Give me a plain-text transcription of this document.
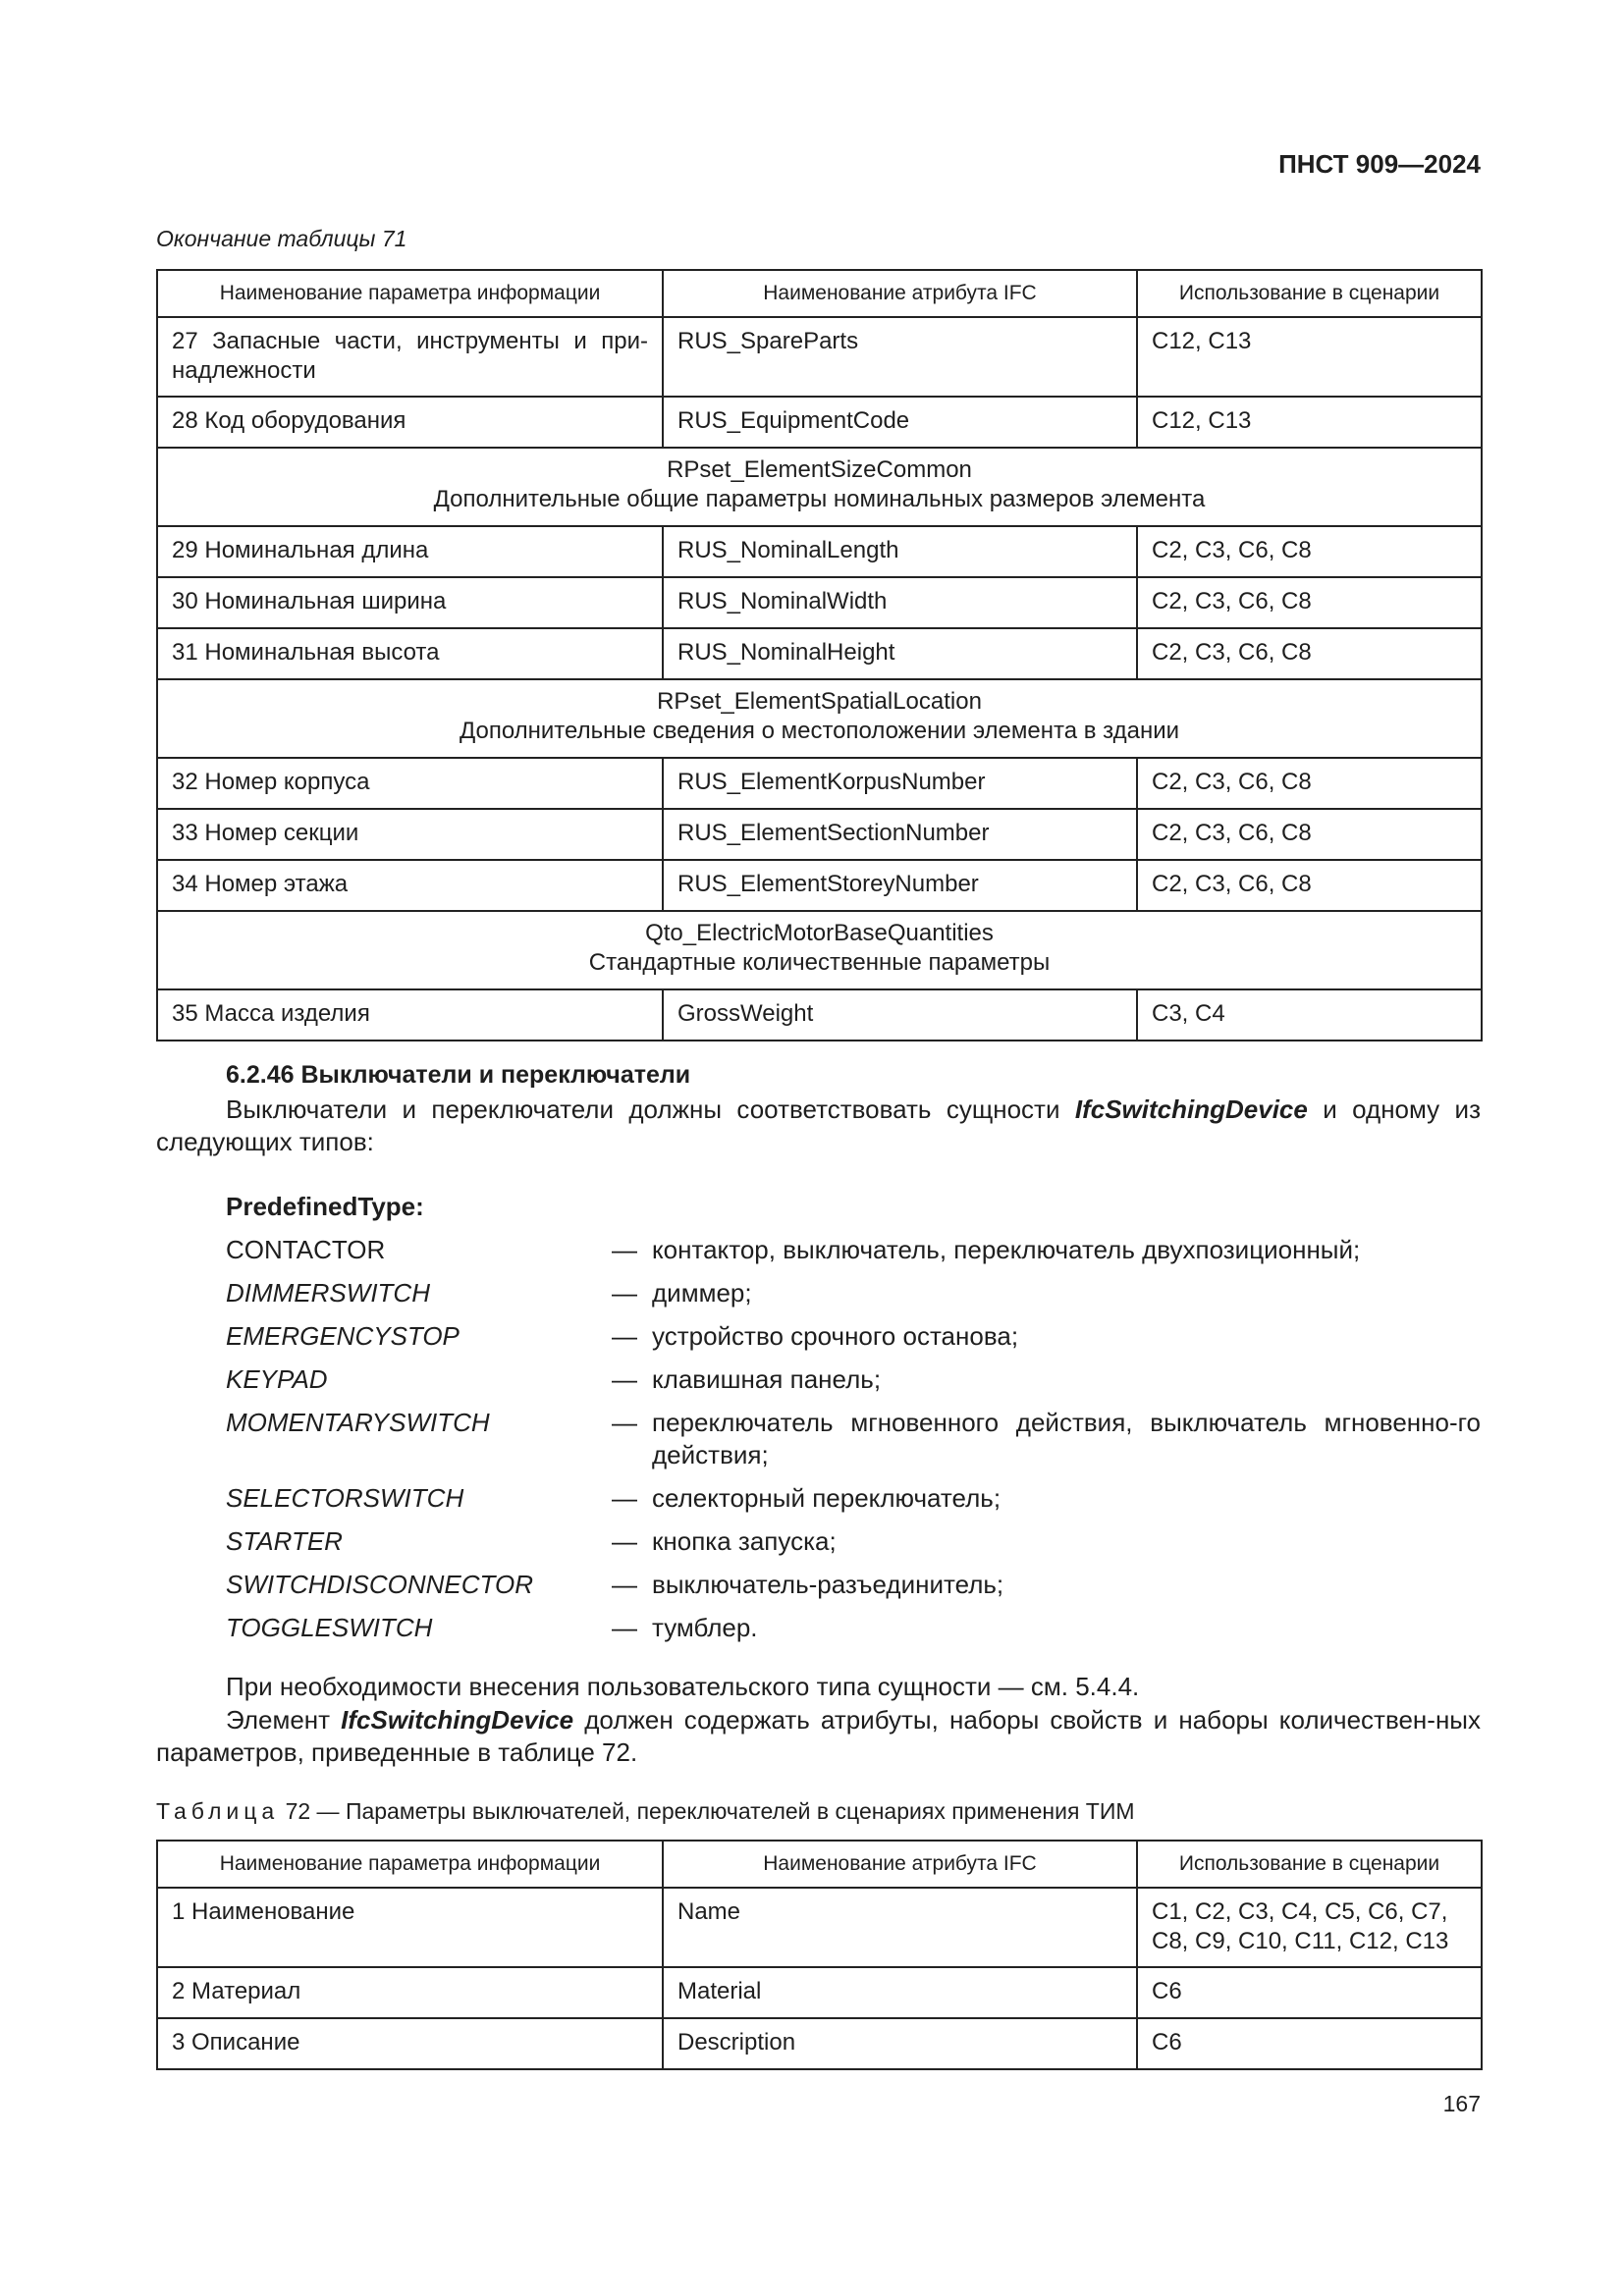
ПНСТ 909—2024
Окончание таблицы 71
Наименование параметра информации	Наименование атрибута IFC	Использование в сценарии
27 Запасные части, инструменты и при-надлежности	RUS_SpareParts	C12, C13
28 Код оборудования	RUS_EquipmentCode	C12, C13

RPset_ElementSizeCommon
Дополнительные общие параметры номинальных размеров элемента		

29 Номинальная длина	RUS_NominalLength	C2, C3, C6, C8
30 Номинальная ширина	RUS_NominalWidth	C2, C3, C6, C8
31 Номинальная высота	RUS_NominalHeight	C2, C3, C6, C8

RPset_ElementSpatialLocation
Дополнительные сведения о местоположении элемента в здании		

32 Номер корпуса	RUS_ElementKorpusNumber	C2, C3, C6, C8
33 Номер секции	RUS_ElementSectionNumber	C2, C3, C6, C8
34 Номер этажа	RUS_ElementStoreyNumber	C2, C3, C6, C8

Qto_ElectricMotorBaseQuantities
Стандартные количественные параметры		

35 Масса изделия	GrossWeight	C3, C4
6.2.46 Выключатели и переключатели
Выключатели и переключатели должны соответствовать сущности IfcSwitchingDevice и одному из следующих типов:
PredefinedType:
CONTACTOR	— контактор, выключатель, переключатель двухпозиционный;
DIMMERSWITCH	— диммер;
EMERGENCYSTOP	— устройство срочного останова;
KEYPAD	— клавишная панель;
MOMENTARYSWITCH	— переключатель мгновенного действия, выключатель мгновенно-го действия;
SELECTORSWITCH	— селекторный переключатель;
STARTER	— кнопка запуска;
SWITCHDISCONNECTOR	— выключатель-разъединитель;
TOGGLESWITCH	— тумблер.
При необходимости внесения пользовательского типа сущности — см. 5.4.4.
Элемент IfcSwitchingDevice должен содержать атрибуты, наборы свойств и наборы количествен-ных параметров, приведенные в таблице 72.
Таблица 72 — Параметры выключателей, переключателей в сценариях применения ТИМ
Наименование параметра информации	Наименование атрибута IFC	Использование в сценарии
1 Наименование	Name	C1, C2, C3, C4, C5, C6, C7, C8, C9, C10, C11, C12, C13
2 Материал	Material	C6
3 Описание	Description	C6
167
